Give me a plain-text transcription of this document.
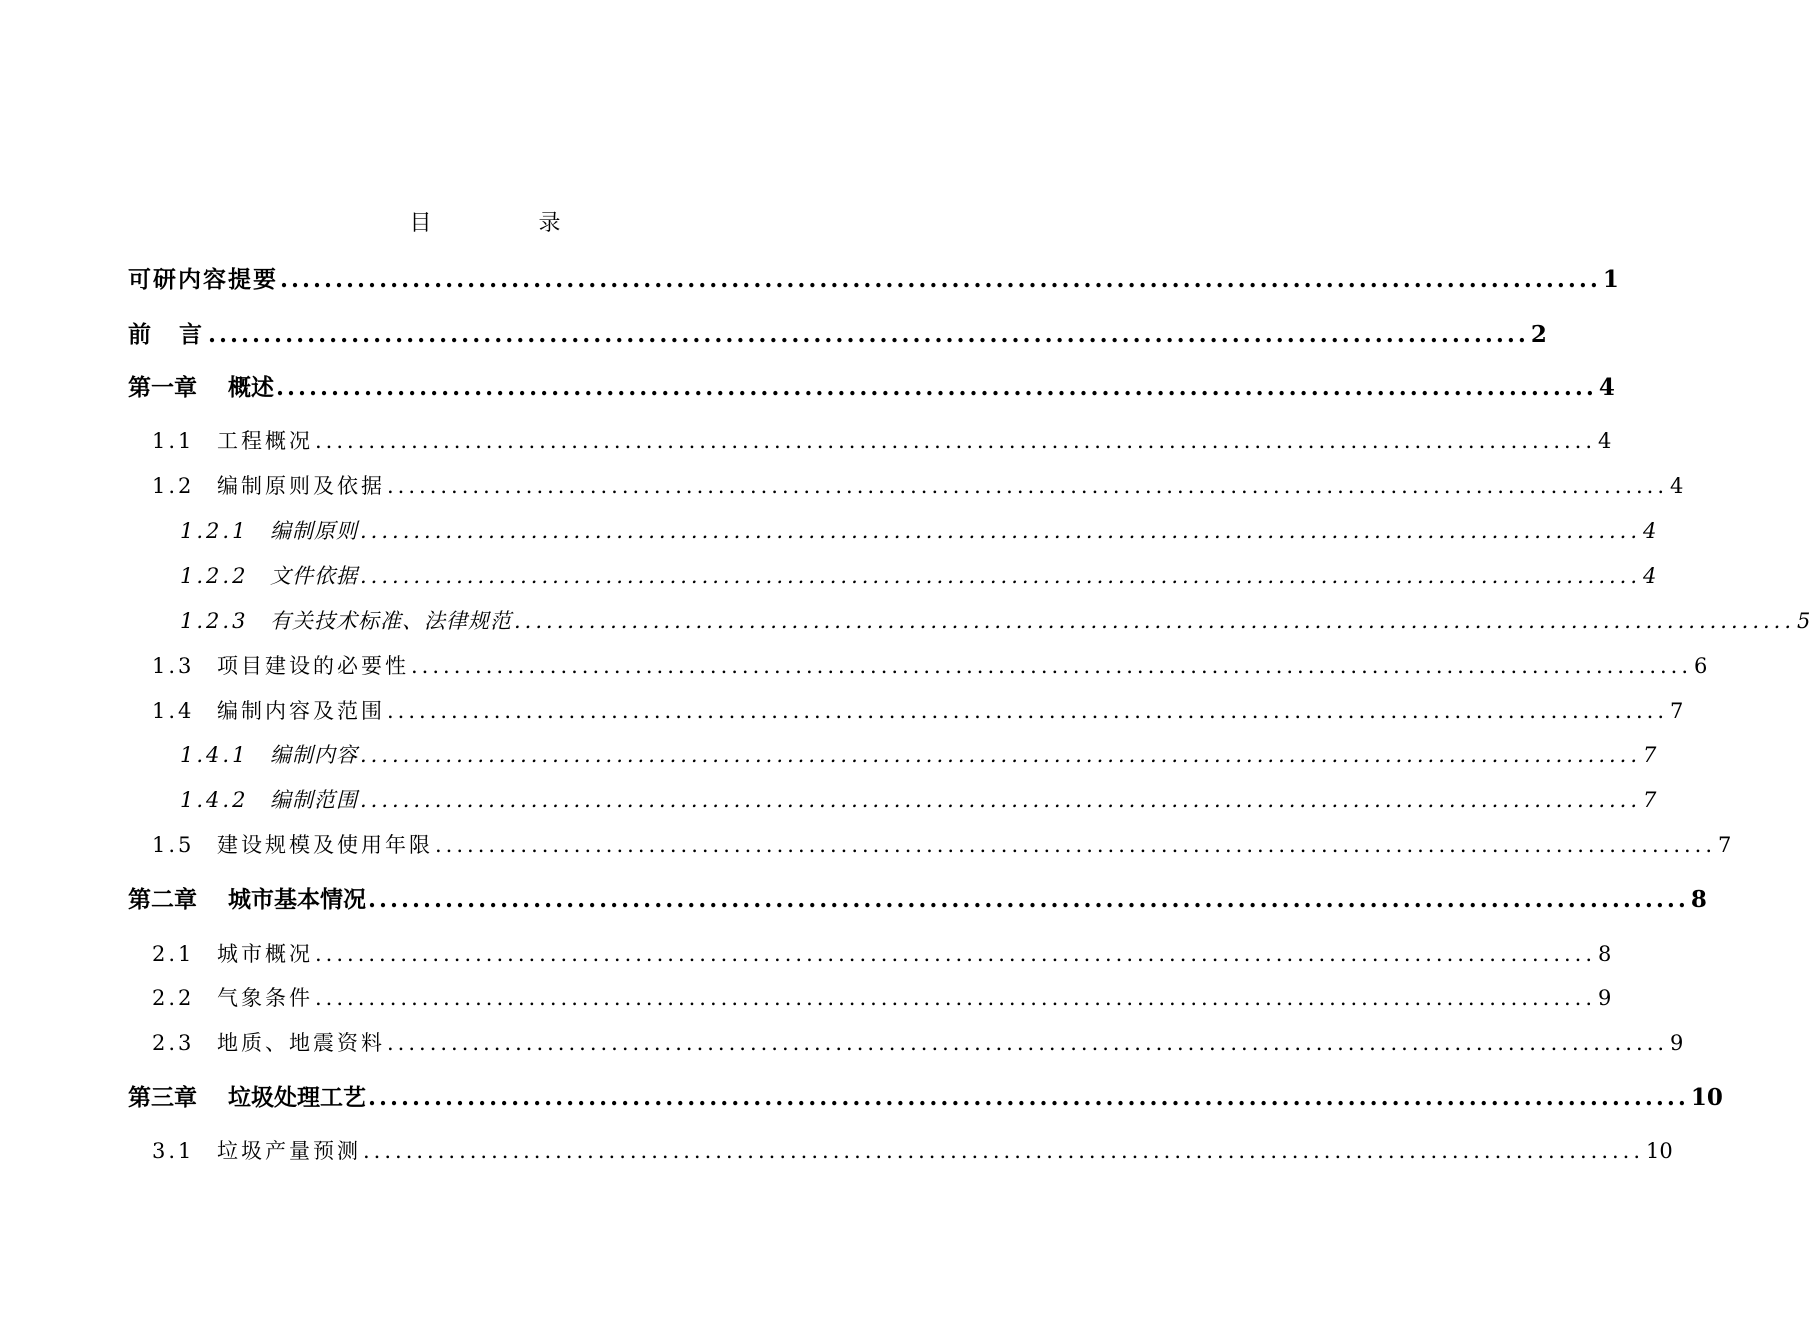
目 录
可研内容提要 ........................................................................................................................ 1
前  言 ........................................................................................................................ 2
第一章	概述 ........................................................................................................................ 4
1.1	工程概况 ........................................................................................................................ 4
1.2	编制原则及依据 ........................................................................................................................ 4
1.2.1	编制原则 ........................................................................................................................ 4
1.2.2	文件依据 ........................................................................................................................ 4
1.2.3	有关技术标准、法律规范 ........................................................................................................................ 5
1.3	项目建设的必要性 ........................................................................................................................ 6
1.4	编制内容及范围 ........................................................................................................................ 7
1.4.1	编制内容 ........................................................................................................................ 7
1.4.2	编制范围 ........................................................................................................................ 7
1.5	建设规模及使用年限 ........................................................................................................................ 7
第二章	城市基本情况 ........................................................................................................................ 8
2.1	城市概况 ........................................................................................................................ 8
2.2	气象条件 ........................................................................................................................ 9
2.3	地质、地震资料 ........................................................................................................................ 9
第三章	垃圾处理工艺 ........................................................................................................................ 10
3.1	垃圾产量预测 ........................................................................................................................ 10
